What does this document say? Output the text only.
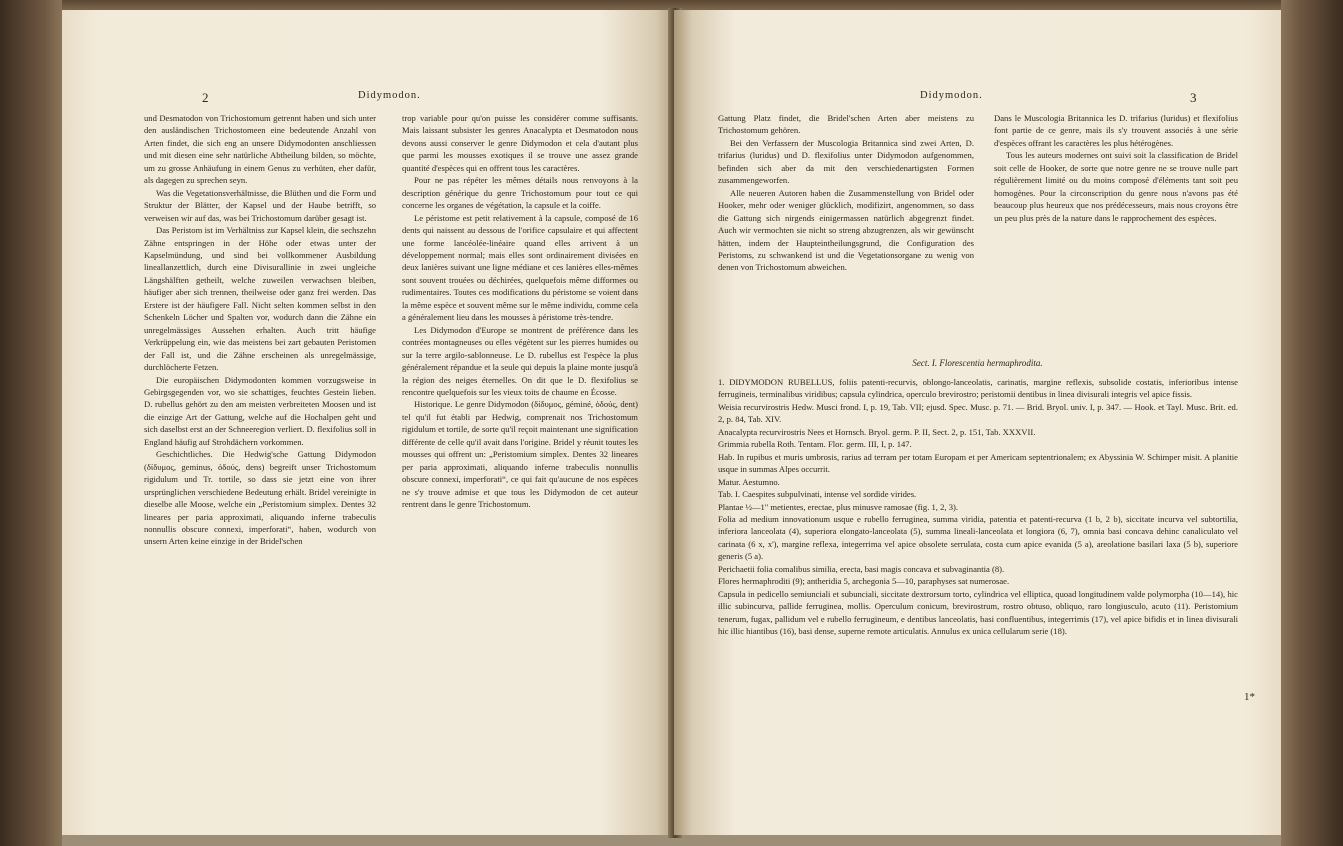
2	Didymodon.

und Desmatodon von Trichostomum getrennt haben und sich unter den ausländischen Trichostomeen eine bedeutende Anzahl von Arten findet, die sich eng an unsere Didymodonten anschliessen und mit diesen eine sehr natürliche Abtheilung bilden, so möchte, um zu grosse Anhäufung in einem Genus zu verhüten, eher dafür, als dagegen zu sprechen seyn.

Was die Vegetationsverhältnisse, die Blüthen und die Form und Struktur der Blätter, der Kapsel und der Haube betrifft, so verweisen wir auf das, was bei Trichostomum darüber gesagt ist.

Das Peristom ist im Verhältniss zur Kapsel klein, die sechszehn Zähne entspringen in der Höhe oder etwas unter der Kapselmündung, und sind bei vollkommener Ausbildung lineallanzettlich, durch eine Divisurallinie in zwei ungleiche Längshälften getheilt, welche zuweilen verwachsen bleiben, häufiger aber sich trennen, theilweise oder ganz frei werden. Das Erstere ist der häufigere Fall. Nicht selten kommen selbst in den Schenkeln Löcher und Spalten vor, wodurch dann die Zähne ein unregelmässiges Aussehen erhalten. Auch tritt häufige Verkrüppelung ein, wie das meistens bei zart gebauten Peristomen der Fall ist, und die Zähne erscheinen als unregelmässige, durchlöcherte Fetzen.

Die europäischen Didymodonten kommen vorzugsweise in Gebirgsgegenden vor, wo sie schattiges, feuchtes Gestein lieben. D. rubellus gehört zu den am meisten verbreiteten Moosen und ist die einzige Art der Gattung, welche auf die Hochalpen geht und sich daselbst erst an der Schneeregion verliert. D. flexifolius soll in England häufig auf Strohdächern vorkommen.

Geschichtliches. Die Hedwig'sche Gattung Didymodon (δίδυμος, geminus, ὀδούς, dens) begreift unser Trichostomum rigidulum und Tr. tortile, so dass sie jetzt eine von ihrer ursprünglichen verschiedene Bedeutung erhält. Bridel vereinigte in dieselbe alle Moose, welche ein „Peristomium simplex. Dentes 32 lineares per paria approximati, aliquando inferne trabeculis nonnullis obscure connexi, imperforati“, haben, wodurch von unsern Arten keine einzige in der Bridel'schen

trop variable pour qu'on puisse les considérer comme suffisants. Mais laissant subsister les genres Anacalypta et Desmatodon nous devons aussi conserver le genre Didymodon et cela d'autant plus que parmi les mousses exotiques il se trouve une assez grande quantité d'espèces qui en offrent tous les caractères.

Pour ne pas répéter les mêmes détails nous renvoyons à la description générique du genre Trichostomum pour tout ce qui concerne les organes de végétation, la capsule et la coiffe.

Le péristome est petit relativement à la capsule, composé de 16 dents qui naissent au dessous de l'orifice capsulaire et qui affectent une forme lancéolée-linéaire quand elles arrivent à un développement normal; mais elles sont ordinairement divisées en deux lanières suivant une ligne médiane et ces lanières elles-mêmes sont souvent trouées ou déchirées, quelquefois même difformes ou rudimentaires. Toutes ces modifications du péristome se voient dans la même espèce et souvent même sur le même individu, comme cela a généralement lieu dans les mousses à péristome très-tendre.

Les Didymodon d'Europe se montrent de préférence dans les contrées montagneuses ou elles végètent sur les pierres humides ou sur la terre argilo-sablonneuse. Le D. rubellus est l'espèce la plus généralement répandue et la seule qui depuis la plaine monte jusqu'à la région des neiges éternelles. On dit que le D. flexifolius se rencontre quelquefois sur les vieux toits de chaume en Écosse.

Historique. Le genre Didymodon (δίδυμος, géminé, ὀδούς, dent) tel qu'il fut établi par Hedwig, comprenait nos Trichostomum rigidulum et tortile, de sorte qu'il reçoit maintenant une signification différente de celle qu'il avait dans l'origine. Bridel y réunit toutes les mousses qui offrent un: „Peristomium simplex. Dentes 32 lineares per paria approximati, aliquando inferne trabeculis nonnullis obscure connexi, imperforati“, ce qui fait qu'aucune de nos espèces ne s'y trouve admise et que tous les Didymodon de cet auteur rentrent dans le genre Trichostomum.

Didymodon.	3

Gattung Platz findet, die Bridel'schen Arten aber meistens zu Trichostomum gehören.

Bei den Verfassern der Muscologia Britannica sind zwei Arten, D. trifarius (luridus) und D. flexifolius unter Didymodon aufgenommen, befinden sich aber da mit den verschiedenartigsten Formen zusammengeworfen.

Alle neueren Autoren haben die Zusammenstellung von Bridel oder Hooker, mehr oder weniger glücklich, modifizirt, angenommen, so dass die Gattung sich nirgends einigermassen natürlich abgegrenzt findet. Auch wir vermochten sie nicht so streng abzugrenzen, als wir gewünscht hätten, indem der Haupteintheilungsgrund, die Configuration des Peristoms, zu schwankend ist und die Vegetationsorgane zu wenig von denen von Trichostomum abweichen.

Dans le Muscologia Britannica les D. trifarius (luridus) et flexifolius font partie de ce genre, mais ils s'y trouvent associés à une série d'espèces offrant les caractères les plus hétérogènes.

Tous les auteurs modernes ont suivi soit la classification de Bridel soit celle de Hooker, de sorte que notre genre ne se trouve nulle part régulièrement limité ou du moins composé d'éléments tant soit peu homogènes. Pour la circonscription du genre nous n'avons pas été beaucoup plus heureux que nos prédécesseurs, mais nous croyons être un peu plus près de la nature dans le rapprochement des espèces.

Sect. I. Florescentia hermaphrodita.

1. DIDYMODON RUBELLUS, foliis patenti-recurvis, oblongo-lanceolatis, carinatis, margine reflexis, subsolide costatis, inferioribus intense ferrugineis, terminalibus viridibus; capsula cylindrica, operculo brevirostro; peristomii dentibus in linea divisurali integris vel apice fissis.

Weisia recurvirostris Hedw. Musci frond. I, p. 19, Tab. VII; ejusd. Spec. Musc. p. 71. — Brid. Bryol. univ. I, p. 347. — Hook. et Tayl. Musc. Brit. ed. 2, p. 84, Tab. XIV.

Anacalypta recurvirostris Nees et Hornsch. Bryol. germ. P. II, Sect. 2, p. 151, Tab. XXXVII.

Grimmia rubella Roth. Tentam. Flor. germ. III, I, p. 147.

Hab. In rupibus et muris umbrosis, rarius ad terram per totam Europam et per Americam septentrionalem; ex Abyssinia W. Schimper misit. A planitie usque in summas Alpes occurrit.

Matur. Aestumno.

Tab. I. Caespites subpulvinati, intense vel sordide virides.

Plantae ½—1" metientes, erectae, plus minusve ramosae (fig. 1, 2, 3).

Folia ad medium innovationum usque e rubello ferruginea, summa viridia, patentia et patenti-recurva (1 b, 2 b), siccitate incurva vel subtortilia, inferiora lanceolata (4), superiora elongato-lanceolata (5), summa lineali-lanceolata et longiora (6, 7), omnia basi concava dehinc canaliculato vel carinata (6 x, x'), margine reflexa, integerrima vel apice obsolete serrulata, costa cum apice evanida (5 a), areolatione basilari laxa (5 b), superiore generis (5 a).

Perichaetii folia comalibus similia, erecta, basi magis concava et subvaginantia (8).

Flores hermaphroditi (9); antheridia 5, archegonia 5—10, paraphyses sat numerosae.

Capsula in pedicello semiunciali et subunciali, siccitate dextrorsum torto, cylindrica vel elliptica, quoad longitudinem valde polymorpha (10—14), hic illic subincurva, pallide ferruginea, mollis. Operculum conicum, brevirostrum, rostro obtuso, obliquo, raro longiusculo, acuto (11). Peristomium tenerum, fugax, pallidum vel e rubello ferrugineum, e dentibus lanceolatis, basi confluentibus, integerrimis (17), vel apice bifidis et in linea divisurali hic illic hiantibus (16), basi dense, superne remote articulatis. Annulus ex unica cellularum serie (18).

1*
